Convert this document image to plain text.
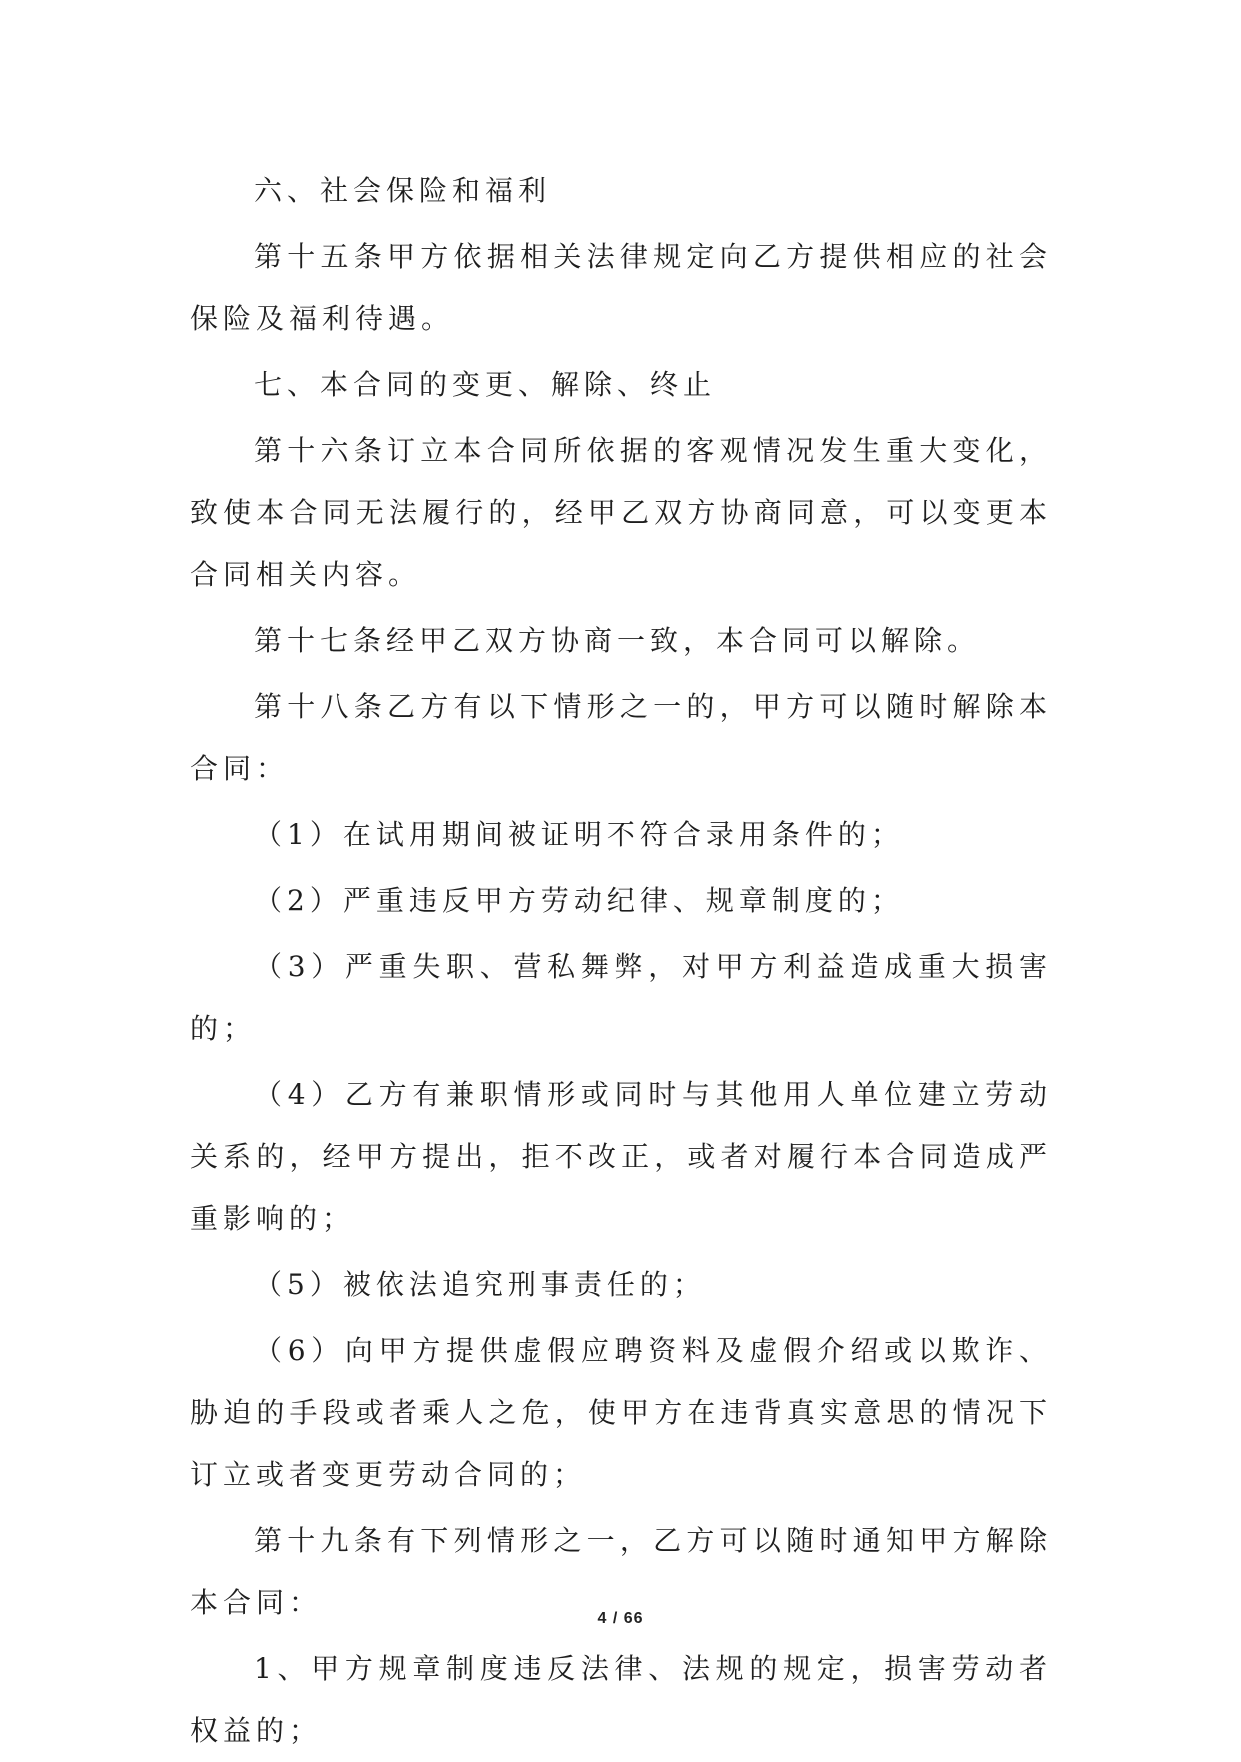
六、社会保险和福利

第十五条甲方依据相关法律规定向乙方提供相应的社会保险及福利待遇。

七、本合同的变更、解除、终止

第十六条订立本合同所依据的客观情况发生重大变化，致使本合同无法履行的，经甲乙双方协商同意，可以变更本合同相关内容。

第十七条经甲乙双方协商一致，本合同可以解除。

第十八条乙方有以下情形之一的，甲方可以随时解除本合同：

（1）在试用期间被证明不符合录用条件的；

（2）严重违反甲方劳动纪律、规章制度的；

（3）严重失职、营私舞弊，对甲方利益造成重大损害的；

（4）乙方有兼职情形或同时与其他用人单位建立劳动关系的，经甲方提出，拒不改正，或者对履行本合同造成严重影响的；

（5）被依法追究刑事责任的；

（6）向甲方提供虚假应聘资料及虚假介绍或以欺诈、胁迫的手段或者乘人之危，使甲方在违背真实意思的情况下订立或者变更劳动合同的；

第十九条有下列情形之一，乙方可以随时通知甲方解除本合同：

1、甲方规章制度违反法律、法规的规定，损害劳动者权益的；

4 / 66
